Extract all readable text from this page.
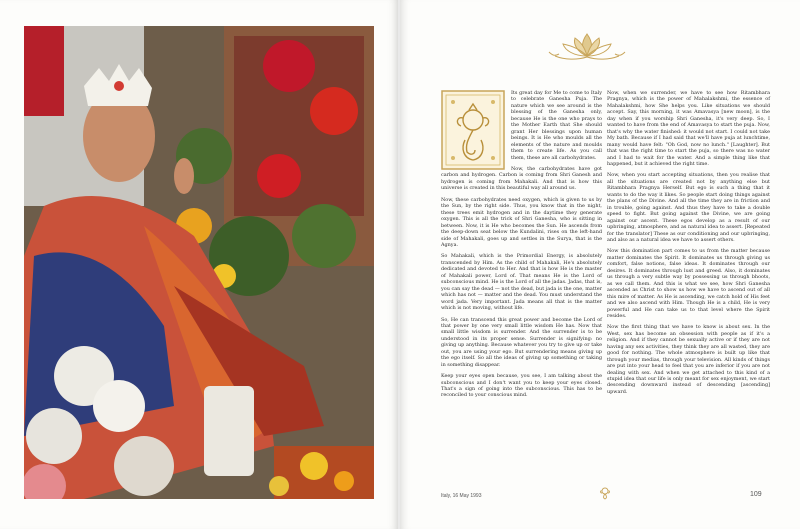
Its great day for Me to come to Italy to celebrate Ganesha Puja. The nature which we see around is the blessing of the Ganesha only, because He is the one who prays to the Mother Earth that She should grant Her blessings upon human beings. It is He who moulds all the elements of the nature and moulds them to create life. As you call them, these are all carbohydrates.

Now, the carbohydrates have got carbon and hydrogen. Carbon is coming from Shri Ganesh and hydrogen is coming from Mahakali. And that is how this universe is created in this beautiful way all around us.

Now, these carbohydrates need oxygen, which is given to us by the Sun, by the right side. Thus, you know that in the night, these trees emit hydrogen and in the daytime they generate oxygen. This is all the trick of Shri Ganesha, who is sitting in between. Now, it is He who becomes the Sun. He ascends from the deep-down seat below the Kundalini, rises on the left-hand side of Mahakali, goes up and settles in the Surya, that is the Agnya.

So Mahakali, which is the Primordial Energy, is absolutely transcended by Him. As the child of Mahakali, He's absolutely dedicated and devoted to Her. And that is how He is the master of Mahakali power, Lord of. That means He is the Lord of subconscious mind. He is the Lord of all the jadas. Jadas, that is, you can say the dead — not the dead, but jada is the one, matter which has not — matter and the dead. You must understand the word jada. Very important. Jada means all that is the matter which is not moving, without life.

So, He can transcend this great power and become the Lord of that power by one very small little wisdom He has. Now that small little wisdom is surrender. And the surrender is to be understood in its proper sense. Surrender is signifying: no giving up anything. Because whatever you try to give up or take out, you are using your ego. But surrendering means giving up the ego itself. So all the ideas of giving up something or taking in something disappear.

Keep your eyes open because, you see, I am talking about the subconscious and I don't want you to keep your eyes closed. That's a sign of going into the subconscious. This has to be reconciled to your conscious mind.

Now, when we surrender, we have to see how Ritambhara Pragnya, which is the power of Mahalakshmi, the essence of Mahalakshmi, how She helps you. Like situations we should accept. Say, this morning, it was Amavasya [new moon], is the day when if you worship Shri Ganesha, it's very deep. So, I wanted to have from the end of Amavasya to start the puja. Now, that's why the water finished: it would not start. I could not take My bath. Because if I had said that we'll have puja at lunchtime, many would have felt: "Oh God, now no lunch." [Laughter]. But that was the right time to start the puja, so there was no water and I had to wait for the water. And a simple thing like that happened, but it achieved the right time.

Now, when you start accepting situations, then you realise that all the situations are created not by anything else but Ritambhara Pragnya Herself. But ego is such a thing that it wants to do the way it likes. So people start doing things against the plans of the Divine. And all the time they are in friction and in trouble, going against. And thus they have to take a double speed to fight. But going against the Divine, we are going against our ascent. These egos develop as a result of our upbringing, atmosphere, and as natural idea to assert. [Repeated for the translator] These as our conditioning and our upbringing, and also as a natural idea we have to assert others.

Now this domination part comes to us from the matter because matter dominates the Spirit. It dominates us through giving us comfort, false notions, false ideas. It dominates through our desires. It dominates through lust and greed. Also, it dominates us through a very subtle way by possessing us through bhoots, as we call them. And this is what we see, how Shri Ganesha ascended as Christ to show us how we have to ascend out of all this mire of matter. As He is ascending, we catch hold of His feet and we also ascend with Him. Though He is a child, He is very powerful and He can take us to that level where the Spirit resides.

Now the first thing that we have to know is about sex. In the West, sex has become an obsession with people as if it's a religion. And if they cannot be sexually active or if they are not having any sex activities, they think they are all wasted, they are good for nothing. The whole atmosphere is built up like that through your medias, through your television. All kinds of things are put into your head to feel that you are inferior if you are not dealing with sex. And when we get attached to this kind of a stupid idea that our life is only meant for sex enjoyment, we start descending downward instead of descending [ascending] upward.

Italy, 16 May 1993	109
